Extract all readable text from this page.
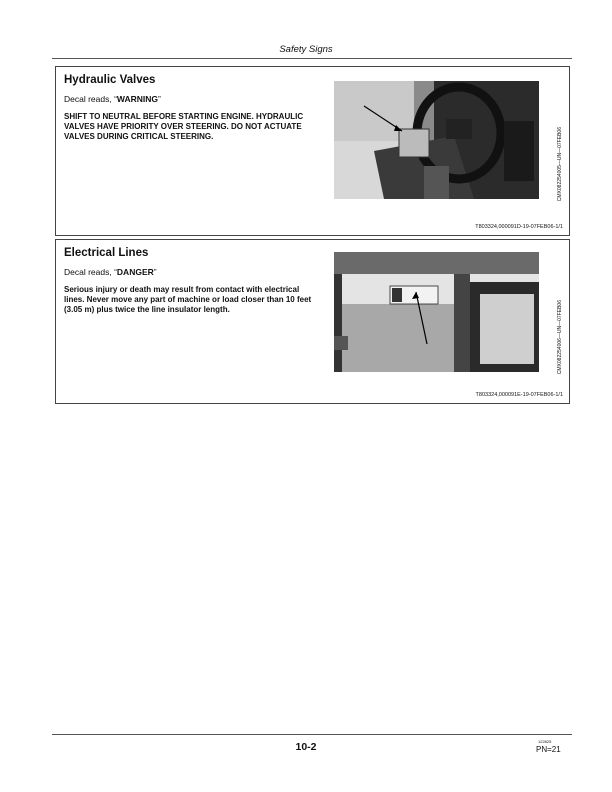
Safety Signs
Hydraulic Valves
Decal reads, “WARNING”
SHIFT TO NEUTRAL BEFORE STARTING ENGINE. HYDRAULIC VALVES HAVE PRIORITY OVER STEERING. DO NOT ACTUATE VALVES DURING CRITICAL STEERING.	CMX082254005—UN—07FEB06
T803324,000091D-19-07FEB06-1/1
Electrical Lines
Decal reads, “DANGER”
Serious injury or death may result from contact with electrical lines. Never move any part of machine or load closer than 10 feet (3.05 m) plus twice the line insulator length.	CMX082254006—UN—07FEB06
T803324,000091E-19-07FEB06-1/1
10-2	122825
PN=21
